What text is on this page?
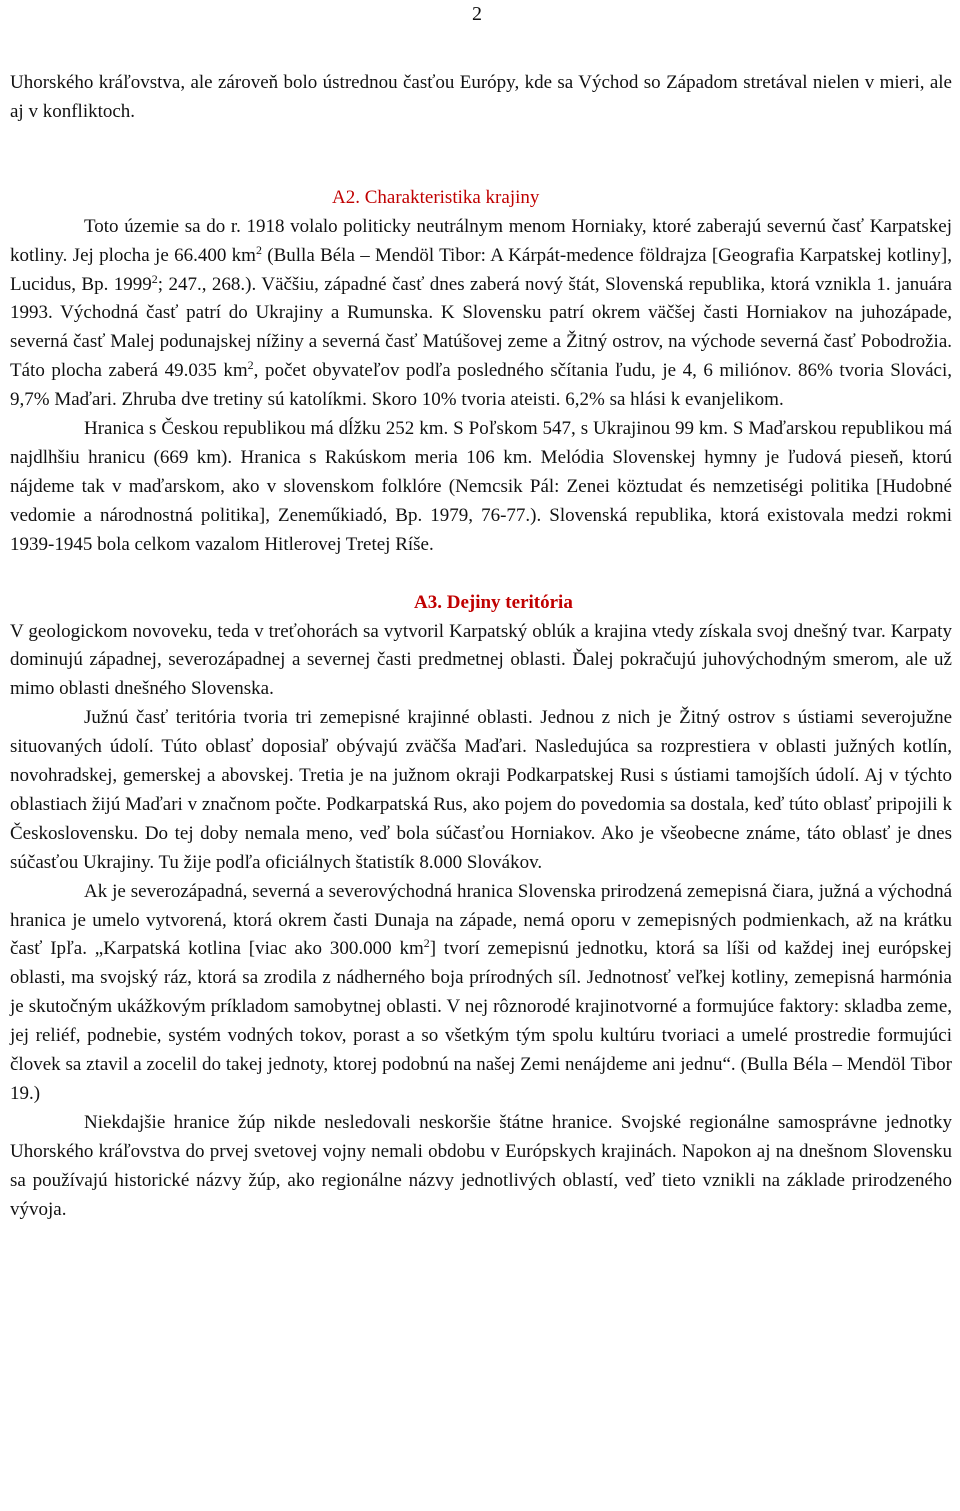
2

Uhorského kráľovstva, ale zároveň bolo ústrednou časťou Európy, kde sa Východ so Západom stretával nielen v mieri, ale aj v konfliktoch.

A2. Charakteristika krajiny

Toto územie sa do r. 1918 volalo politicky neutrálnym menom Horniaky, ktoré zaberajú severnú časť Karpatskej kotliny. Jej plocha je 66.400 $km^2$ (Bulla Béla – Mendöl Tibor: A Kárpát-medence földrajza [Geografia Karpatskej kotliny], Lucidus, Bp. 1999$^2$; 247., 268.). Väčšiu, západné časť dnes zaberá nový štát, Slovenská republika, ktorá vznikla 1. januára 1993. Východná časť patrí do Ukrajiny a Rumunska. K Slovensku patrí okrem väčšej časti Horniakov na juhozápade, severná časť Malej podunajskej nížiny a severná časť Matúšovej zeme a Žitný ostrov, na východe severná časť Pobodrožia. Táto plocha zaberá 49.035 $km^2$, počet obyvateľov podľa posledného sčítania ľudu, je 4, 6 miliónov. 86% tvoria Slováci, 9,7% Maďari. Zhruba dve tretiny sú katolíkmi. Skoro 10% tvoria ateisti. 6,2% sa hlási k evanjelikom.

Hranica s Českou republikou má dĺžku 252 km. S Poľskom 547, s Ukrajinou 99 km. S Maďarskou republikou má najdlhšiu hranicu (669 km). Hranica s Rakúskom meria 106 km. Melódia Slovenskej hymny je ľudová pieseň, ktorú nájdeme tak v maďarskom, ako v slovenskom folklóre (Nemcsik Pál: Zenei köztudat és nemzetiségi politika [Hudobné vedomie a národnostná politika], Zeneműkiadó, Bp. 1979, 76-77.). Slovenská republika, ktorá existovala medzi rokmi 1939-1945 bola celkom vazalom Hitlerovej Tretej Ríše.

A3. Dejiny teritória

V geologickom novoveku, teda v treťohorách sa vytvoril Karpatský oblúk a krajina vtedy získala svoj dnešný tvar. Karpaty dominujú západnej, severozápadnej a severnej časti predmetnej oblasti. Ďalej pokračujú juhovýchodným smerom, ale už mimo oblasti dnešného Slovenska.

Južnú časť teritória tvoria tri zemepisné krajinné oblasti. Jednou z nich je Žitný ostrov s ústiami severojužne situovaných údolí. Túto oblasť doposiaľ obývajú zväčša Maďari. Nasledujúca sa rozprestiera v oblasti južných kotlín, novohradskej, gemerskej a abovskej. Tretia je na južnom okraji Podkarpatskej Rusi s ústiami tamojších údolí. Aj v týchto oblastiach žijú Maďari v značnom počte. Podkarpatská Rus, ako pojem do povedomia sa dostala, keď túto oblasť pripojili k Československu. Do tej doby nemala meno, veď bola súčasťou Horniakov. Ako je všeobecne známe, táto oblasť je dnes súčasťou Ukrajiny. Tu žije podľa oficiálnych štatistík 8.000 Slovákov.

Ak je severozápadná, severná a severovýchodná hranica Slovenska prirodzená zemepisná čiara, južná a východná hranica je umelo vytvorená, ktorá okrem časti Dunaja na západe, nemá oporu v zemepisných podmienkach, až na krátku časť Ipľa. „Karpatská kotlina [viac ako 300.000 $km^2$] tvorí zemepisnú jednotku, ktorá sa líši od každej inej európskej oblasti, ma svojský ráz, ktorá sa zrodila z nádherného boja prírodných síl. Jednotnosť veľkej kotliny, zemepisná harmónia je skutočným ukážkovým príkladom samobytnej oblasti. V nej rôznorodé krajinotvorné a formujúce faktory: skladba zeme, jej reliéf, podnebie, systém vodných tokov, porast a so všetkým tým spolu kultúru tvoriaci a umelé prostredie formujúci človek sa ztavil a zocelil do takej jednoty, ktorej podobnú na našej Zemi nenájdeme ani jednu“. (Bulla Béla – Mendöl Tibor 19.)

Niekdajšie hranice žúp nikde nesledovali neskoršie štátne hranice. Svojské regionálne samosprávne jednotky Uhorského kráľovstva do prvej svetovej vojny nemali obdobu v Európskych krajinách. Napokon aj na dnešnom Slovensku sa používajú historické názvy žúp, ako regionálne názvy jednotlivých oblastí, veď tieto vznikli na základe prirodzeného vývoja.
